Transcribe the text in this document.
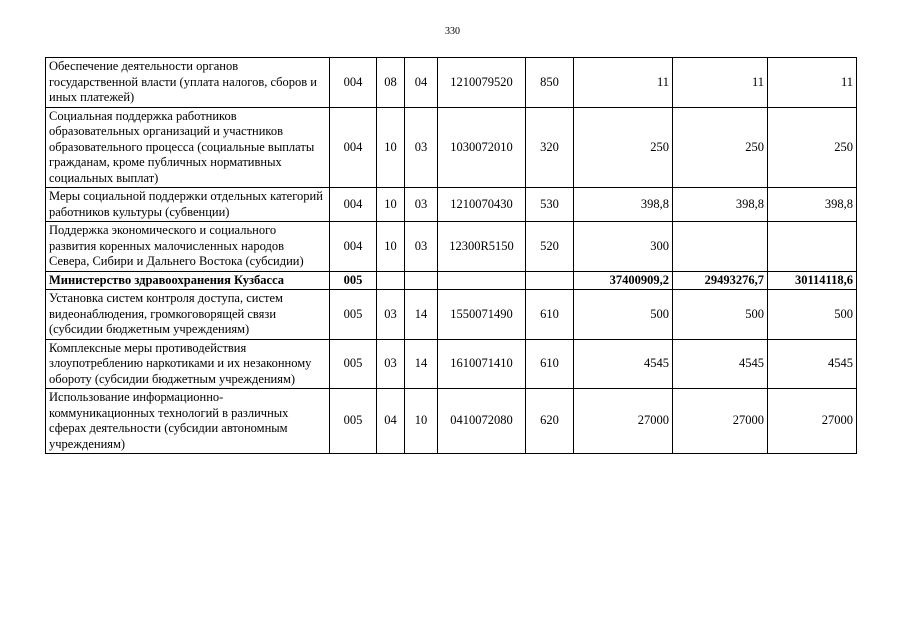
330
Обеспечение деятельности органов государственной власти (уплата налогов, сборов и иных платежей)	004	08	04	1210079520	850	11	11	11
Социальная поддержка работников образовательных организаций и участников образовательного процесса (социальные выплаты гражданам, кроме публичных нормативных социальных выплат)	004	10	03	1030072010	320	250	250	250
Меры социальной поддержки отдельных категорий работников культуры (субвенции)	004	10	03	1210070430	530	398,8	398,8	398,8
Поддержка экономического и социального развития коренных малочисленных народов Севера, Сибири и Дальнего Востока (субсидии)	004	10	03	12300R5150	520	300		
Министерство здравоохранения Кузбасса	005					37400909,2	29493276,7	30114118,6
Установка систем контроля доступа, систем видеонаблюдения, громкоговорящей связи (субсидии бюджетным учреждениям)	005	03	14	1550071490	610	500	500	500
Комплексные меры противодействия злоупотреблению наркотиками и их незаконному обороту (субсидии бюджетным учреждениям)	005	03	14	1610071410	610	4545	4545	4545
Использование информационно-коммуникационных технологий в различных сферах деятельности (субсидии автономным учреждениям)	005	04	10	0410072080	620	27000	27000	27000
